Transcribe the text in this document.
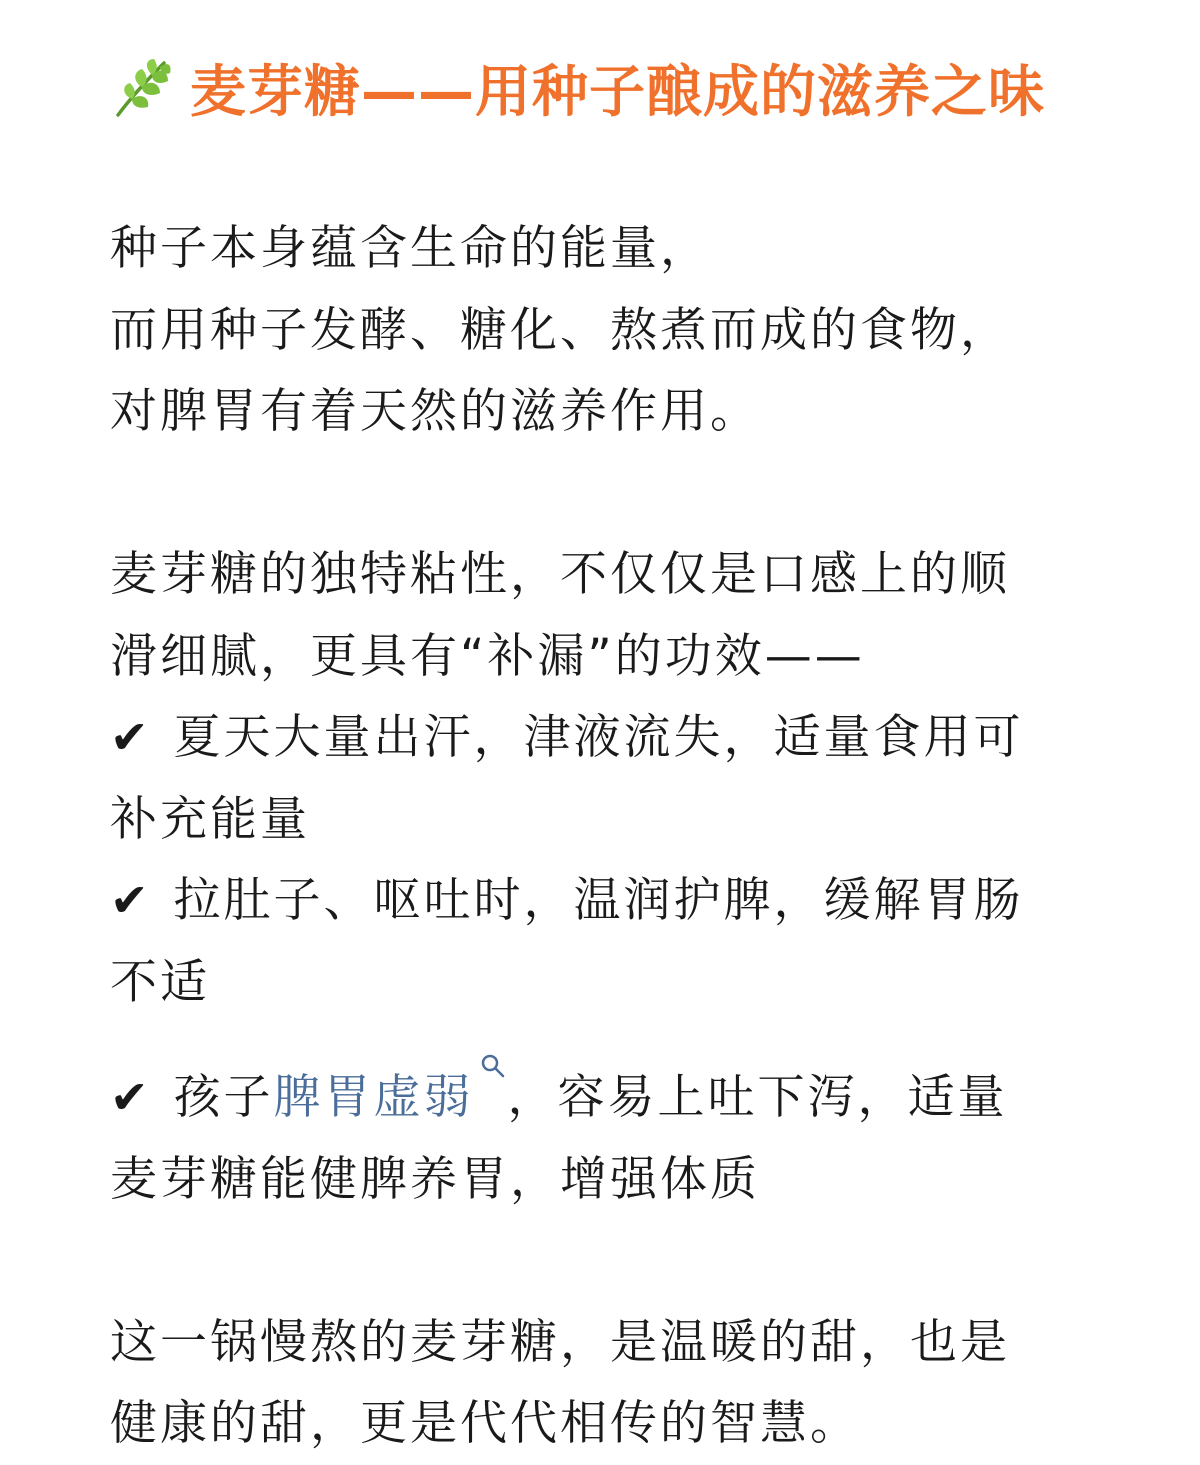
麦芽糖——用种子酿成的滋养之味
种子本身蕴含生命的能量，
而用种子发酵、糖化、熬煮而成的食物，
对脾胃有着天然的滋养作用。
麦芽糖的独特粘性，不仅仅是口感上的顺
滑细腻，更具有“补漏”的功效——
✔ 夏天大量出汗，津液流失，适量食用可
补充能量
✔ 拉肚子、呕吐时，温润护脾，缓解胃肠
不适
✔ 孩子脾胃虚弱 ，容易上吐下泻，适量
麦芽糖能健脾养胃，增强体质
这一锅慢熬的麦芽糖，是温暖的甜，也是
健康的甜，更是代代相传的智慧。
